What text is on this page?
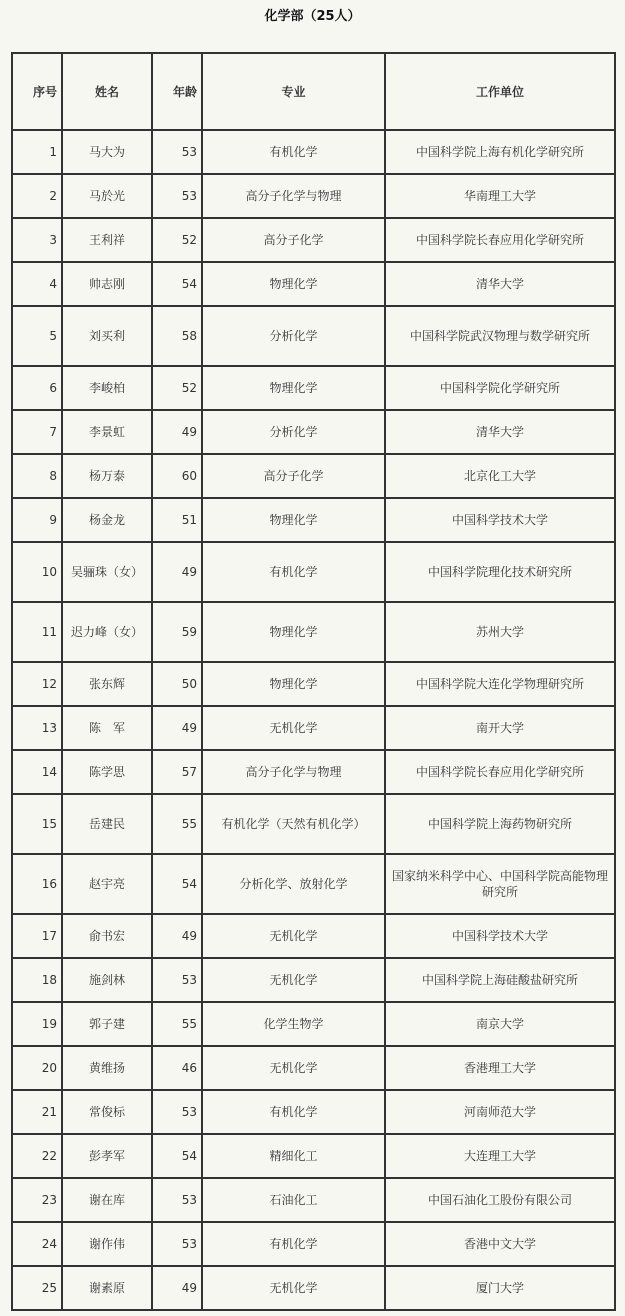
化学部（25人）
序号	姓名	年龄	专业	工作单位
1	马大为	53	有机化学	中国科学院上海有机化学研究所
2	马於光	53	高分子化学与物理	华南理工大学
3	王利祥	52	高分子化学	中国科学院长春应用化学研究所
4	帅志刚	54	物理化学	清华大学
5	刘买利	58	分析化学	中国科学院武汉物理与数学研究所
6	李峻柏	52	物理化学	中国科学院化学研究所
7	李景虹	49	分析化学	清华大学
8	杨万泰	60	高分子化学	北京化工大学
9	杨金龙	51	物理化学	中国科学技术大学
10	吴骊珠（女）	49	有机化学	中国科学院理化技术研究所
11	迟力峰（女）	59	物理化学	苏州大学
12	张东辉	50	物理化学	中国科学院大连化学物理研究所
13	陈　军	49	无机化学	南开大学
14	陈学思	57	高分子化学与物理	中国科学院长春应用化学研究所
15	岳建民	55	有机化学（天然有机化学）	中国科学院上海药物研究所
16	赵宇亮	54	分析化学、放射化学	国家纳米科学中心、中国科学院高能物理研究所
17	俞书宏	49	无机化学	中国科学技术大学
18	施剑林	53	无机化学	中国科学院上海硅酸盐研究所
19	郭子建	55	化学生物学	南京大学
20	黄维扬	46	无机化学	香港理工大学
21	常俊标	53	有机化学	河南师范大学
22	彭孝军	54	精细化工	大连理工大学
23	谢在库	53	石油化工	中国石油化工股份有限公司
24	谢作伟	53	有机化学	香港中文大学
25	谢素原	49	无机化学	厦门大学
